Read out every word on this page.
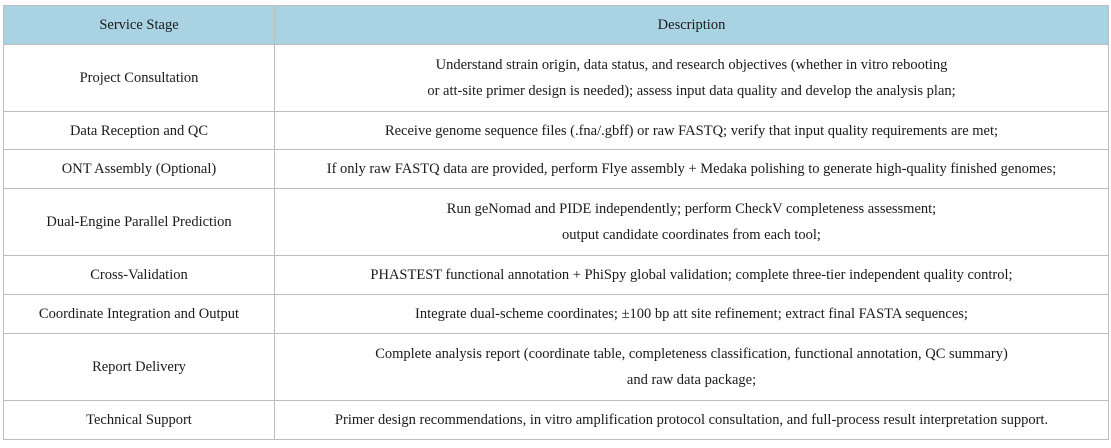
Service Stage	Description
Project Consultation	Understand strain origin, data status, and research objectives (whether in vitro rebooting
or att-site primer design is needed); assess input data quality and develop the analysis plan;

Data Reception and QC	Receive genome sequence files (.fna/.gbff) or raw FASTQ; verify that input quality requirements are met;

ONT Assembly (Optional)	If only raw FASTQ data are provided, perform Flye assembly + Medaka polishing to generate high-quality finished genomes;

Dual-Engine Parallel Prediction	Run geNomad and PIDE independently; perform CheckV completeness assessment;
output candidate coordinates from each tool;

Cross-Validation	PHASTEST functional annotation + PhiSpy global validation; complete three-tier independent quality control;

Coordinate Integration and Output	Integrate dual-scheme coordinates; ±100 bp att site refinement; extract final FASTA sequences;

Report Delivery	Complete analysis report (coordinate table, completeness classification, functional annotation, QC summary)
and raw data package;

Technical Support	Primer design recommendations, in vitro amplification protocol consultation, and full-process result interpretation support.
